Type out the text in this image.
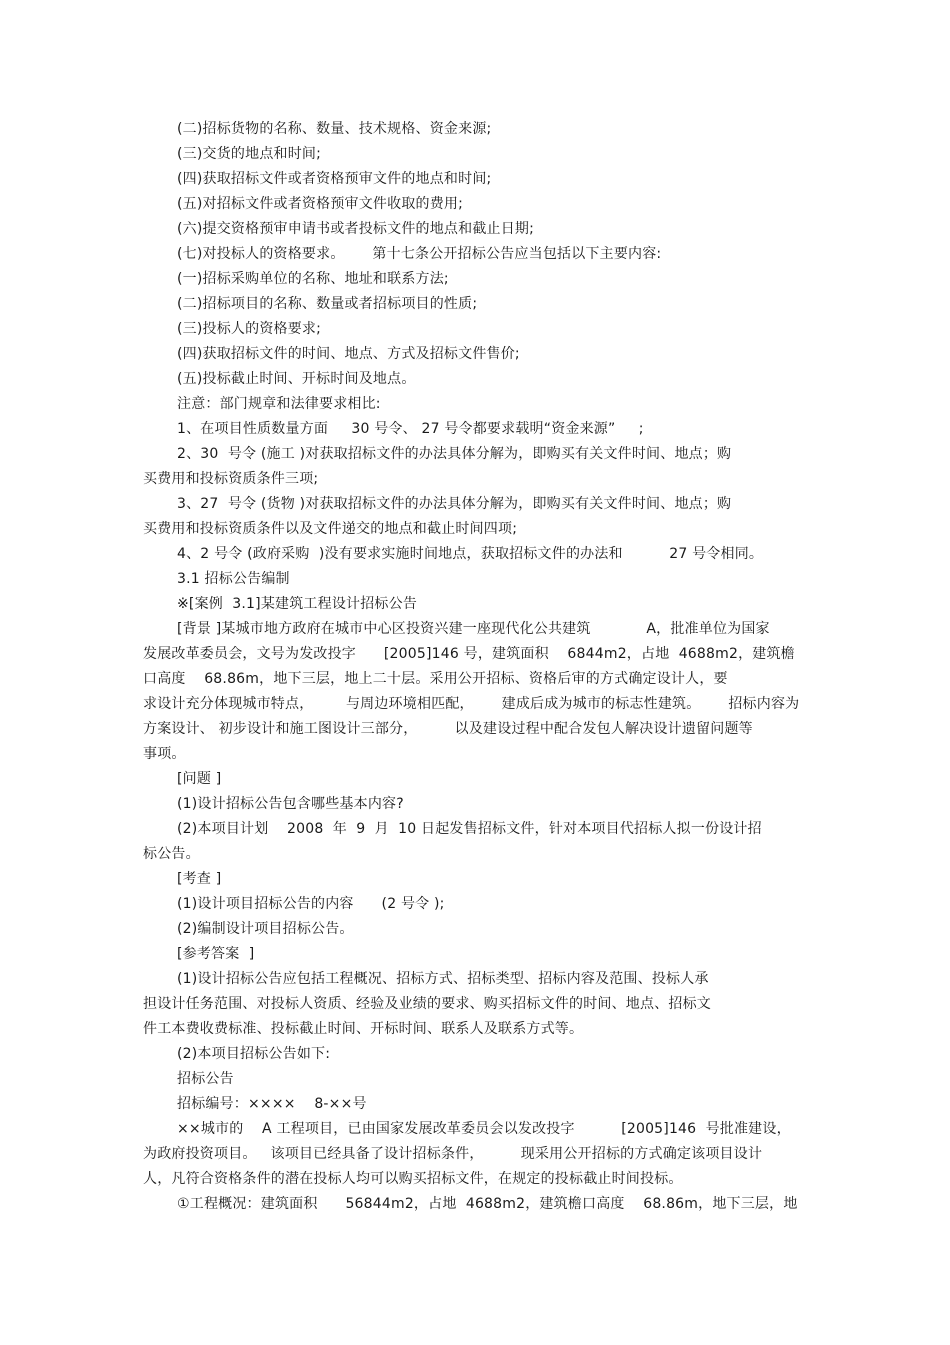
(二)招标货物的名称、数量、技术规格、资金来源;
(三)交货的地点和时间;
(四)获取招标文件或者资格预审文件的地点和时间;
(五)对招标文件或者资格预审文件收取的费用;
(六)提交资格预审申请书或者投标文件的地点和截止日期;
(七)对投标人的资格要求。      第十七条公开招标公告应当包括以下主要内容:
(一)招标采购单位的名称、地址和联系方法;
(二)招标项目的名称、数量或者招标项目的性质;
(三)投标人的资格要求;
(四)获取招标文件的时间、地点、方式及招标文件售价;
(五)投标截止时间、开标时间及地点。
注意：部门规章和法律要求相比:
1、在项目性质数量方面     30 号令、 27 号令都要求载明“资金来源”     ;
2、30  号令 (施工 )对获取招标文件的办法具体分解为，即购买有关文件时间、地点；购
买费用和投标资质条件三项;
3、27  号令 (货物 )对获取招标文件的办法具体分解为，即购买有关文件时间、地点；购
买费用和投标资质条件以及文件递交的地点和截止时间四项;
4、2 号令 (政府采购  )没有要求实施时间地点，获取招标文件的办法和          27 号令相同。
3.1 招标公告编制
※[案例  3.1]某建筑工程设计招标公告
[背景 ]某城市地方政府在城市中心区投资兴建一座现代化公共建筑            A，批准单位为国家
发展改革委员会，文号为发改投字      [2005]146 号，建筑面积    6844m2，占地  4688m2，建筑檐
口高度    68.86m，地下三层，地上二十层。采用公开招标、资格后审的方式确定设计人，要
求设计充分体现城市特点，       与周边环境相匹配，      建成后成为城市的标志性建筑。      招标内容为
方案设计、 初步设计和施工图设计三部分，        以及建设过程中配合发包人解决设计遗留问题等
事项。
[问题 ]
(1)设计招标公告包含哪些基本内容?
(2)本项目计划    2008  年  9  月  10 日起发售招标文件，针对本项目代招标人拟一份设计招
标公告。
[考查 ]
(1)设计项目招标公告的内容      (2 号令 );
(2)编制设计项目招标公告。
[参考答案  ]
(1)设计招标公告应包括工程概况、招标方式、招标类型、招标内容及范围、投标人承
担设计任务范围、对投标人资质、经验及业绩的要求、购买招标文件的时间、地点、招标文
件工本费收费标准、投标截止时间、开标时间、联系人及联系方式等。
(2)本项目招标公告如下:
招标公告
招标编号：××××    8-××号
××城市的    A 工程项目，已由国家发展改革委员会以发改投字          [2005]146  号批准建设，
为政府投资项目。   该项目已经具备了设计招标条件，        现采用公开招标的方式确定该项目设计
人，凡符合资格条件的潜在投标人均可以购买招标文件，在规定的投标截止时间投标。
①工程概况：建筑面积      56844m2，占地  4688m2，建筑檐口高度    68.86m，地下三层，地
